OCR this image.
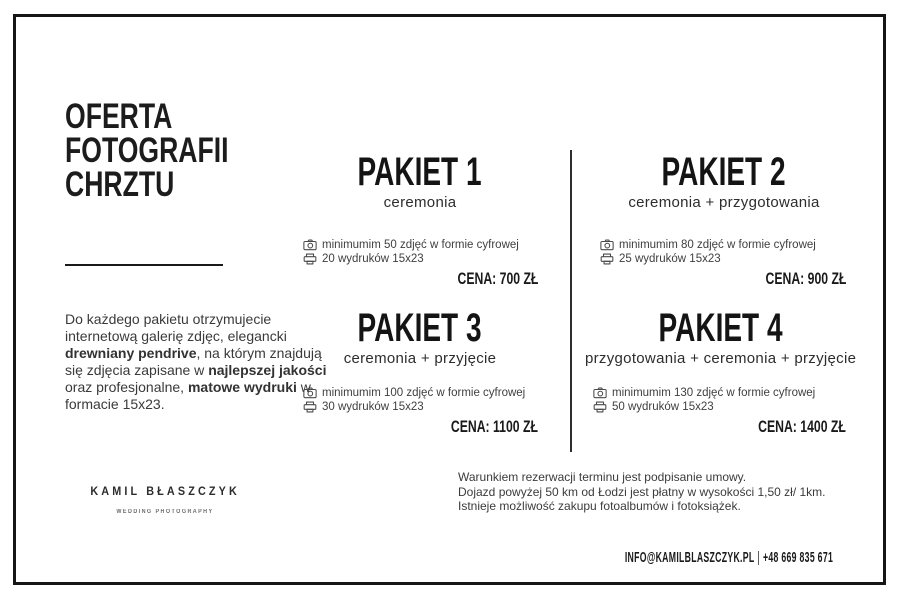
OFERTA
FOTOGRAFII
CHRZTU

Do każdego pakietu otrzymujecie internetową galerię zdjęc, elegancki drewniany pendrive, na którym znajdują się zdjęcia zapisane w najlepszej jakości oraz profesjonalne, matowe wydruki w formacie 15x23.

PAKIET 1
ceremonia
minimumim 50 zdjęć w formie cyfrowej
20 wydruków 15x23
CENA: 700 ZŁ
PAKIET 2
ceremonia + przygotowania
minimumim 80 zdjęć w formie cyfrowej
25 wydruków 15x23
CENA: 900 ZŁ
PAKIET 3
ceremonia + przyjęcie
minimumim 100 zdjęć w formie cyfrowej
30 wydruków 15x23
CENA: 1100 ZŁ
PAKIET 4
przygotowania + ceremonia + przyjęcie
minimumim 130 zdjęć w formie cyfrowej
50 wydruków 15x23
CENA: 1400 ZŁ
KAMIL BŁASZCZYK
WEDDING PHOTOGRAPHY
Warunkiem rezerwacji terminu jest podpisanie umowy.
Dojazd powyżej 50 km od Łodzi jest płatny w wysokości 1,50 zł/ 1km.
Istnieje możliwość zakupu fotoalbumów i fotoksiążek.
INFO@KAMILBLASZCZYK.PL | +48 669 835 671
